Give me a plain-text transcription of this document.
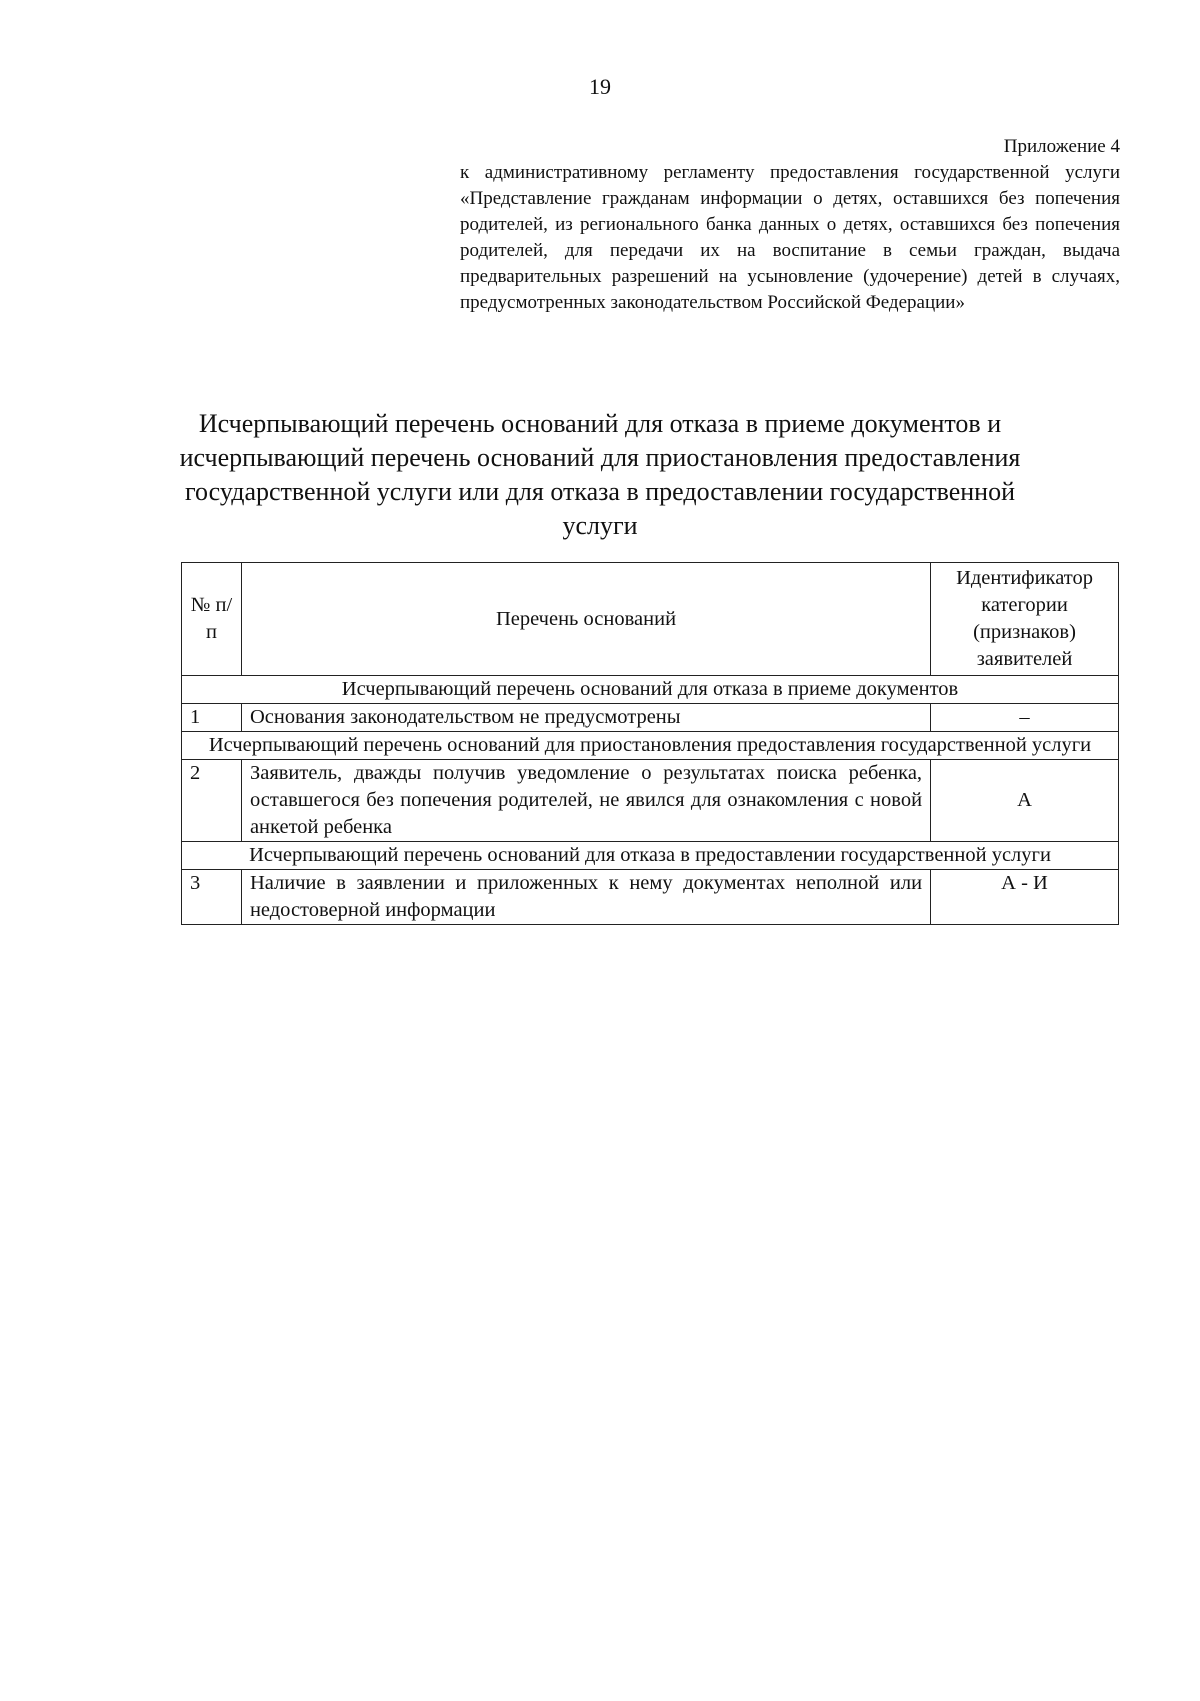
19
Приложение 4
к административному регламенту предоставления государственной услуги «Представление гражданам информации о детях, оставшихся без попечения родителей, из регионального банка данных о детях, оставшихся без попечения родителей, для передачи их на воспитание в семьи граждан, выдача предварительных разрешений на усыновление (удочерение) детей в случаях, предусмотренных законодательством Российской Федерации»
Исчерпывающий перечень оснований для отказа в приеме документов и исчерпывающий перечень оснований для приостановления предоставления государственной услуги или для отказа в предоставлении государственной услуги
№ п/п	Перечень оснований	Идентификатор категории (признаков) заявителей
Исчерпывающий перечень оснований для отказа в приеме документов		
1	Основания законодательством не предусмотрены	–
Исчерпывающий перечень оснований для приостановления предоставления государственной услуги		
2	Заявитель, дважды получив уведомление о результатах поиска ребенка, оставшегося без попечения родителей, не явился для ознакомления с новой анкетой ребенка	А
Исчерпывающий перечень оснований для отказа в предоставлении государственной услуги		
3	Наличие в заявлении и приложенных к нему документах неполной или недостоверной информации	А - И
